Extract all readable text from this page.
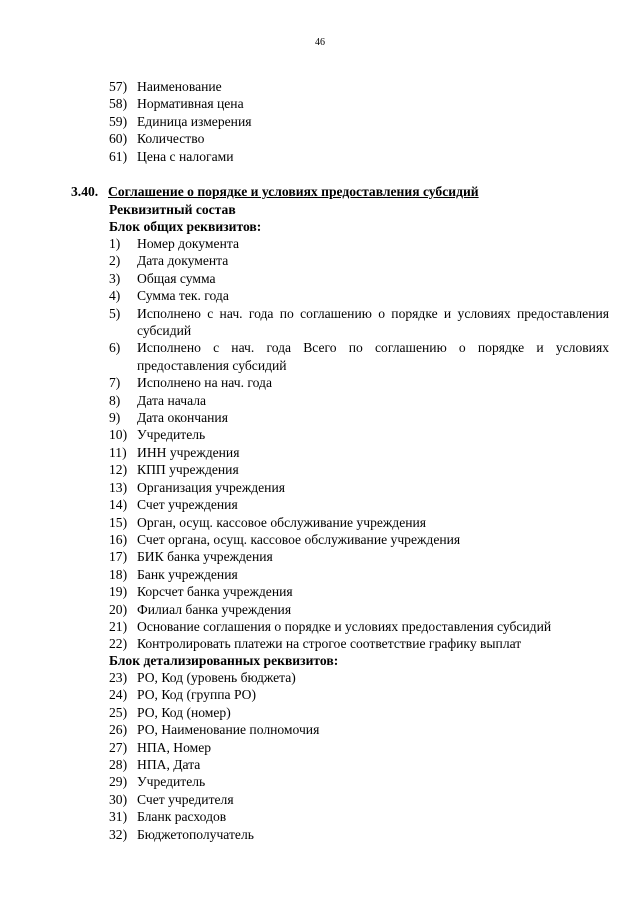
46
57) Наименование
58) Нормативная цена
59) Единица измерения
60) Количество
61) Цена с налогами
3.40. Соглашение о порядке и условиях предоставления субсидий
Реквизитный состав
Блок общих реквизитов:
1)	Номер документа
2)	Дата документа
3)	Общая сумма
4)	Сумма тек. года
5)	Исполнено с нач. года по соглашению о порядке и условиях предоставления субсидий
6)	Исполнено с нач. года Всего по соглашению о порядке и условиях предоставления субсидий
7)	Исполнено на нач. года
8)	Дата начала
9)	Дата окончания
10) Учредитель
11) ИНН учреждения
12) КПП учреждения
13) Организация учреждения
14) Счет учреждения
15) Орган, осущ. кассовое обслуживание учреждения
16) Счет органа, осущ. кассовое обслуживание учреждения
17) БИК банка учреждения
18) Банк учреждения
19) Корсчет банка учреждения
20) Филиал банка учреждения
21) Основание соглашения о порядке и условиях предоставления субсидий
22) Контролировать платежи на строгое соответствие графику выплат
Блок детализированных реквизитов:
23) РО, Код (уровень бюджета)
24) РО, Код (группа РО)
25) РО, Код (номер)
26) РО, Наименование полномочия
27) НПА, Номер
28) НПА, Дата
29) Учредитель
30) Счет учредителя
31) Бланк расходов
32) Бюджетополучатель
